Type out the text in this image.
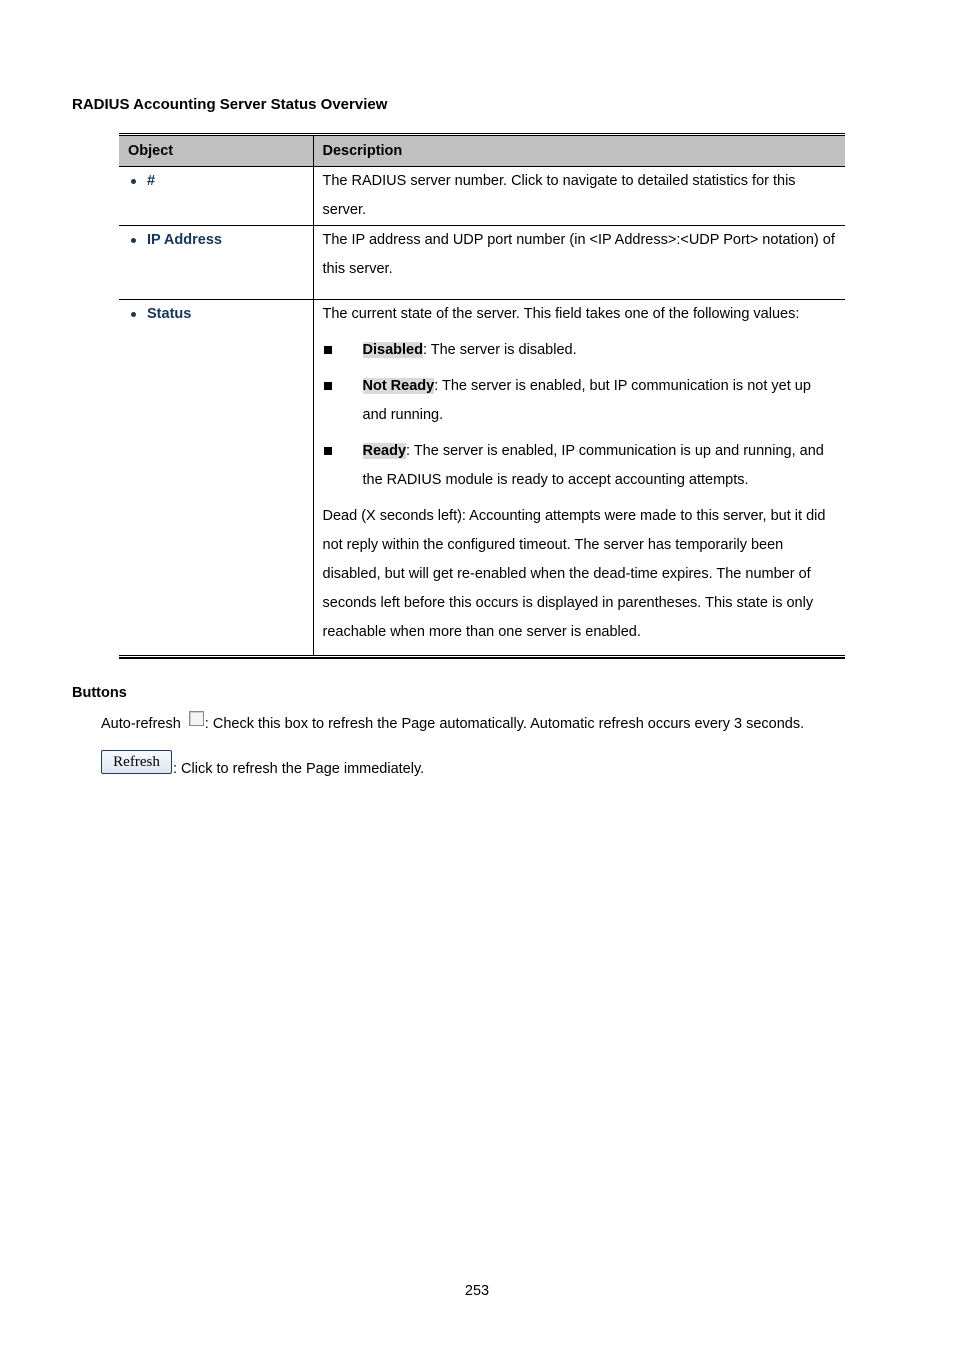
RADIUS Accounting Server Status Overview
Object	Description

#	The RADIUS server number. Click to navigate to detailed statistics for this server.

IP Address	The IP address and UDP port number (in <IP Address>:<UDP Port> notation) of this server.

Status	The current state of the server. This field takes one of the following values:
Disabled: The server is disabled.
Not Ready: The server is enabled, but IP communication is not yet up and running.
Ready: The server is enabled, IP communication is up and running, and the RADIUS module is ready to accept accounting attempts.
Dead (X seconds left): Accounting attempts were made to this server, but it did not reply within the configured timeout. The server has temporarily been disabled, but will get re-enabled when the dead-time expires. The number of seconds left before this occurs is displayed in parentheses. This state is only reachable when more than one server is enabled.
Buttons
Auto-refresh : Check this box to refresh the Page automatically. Automatic refresh occurs every 3 seconds.
Refresh : Click to refresh the Page immediately.
253
